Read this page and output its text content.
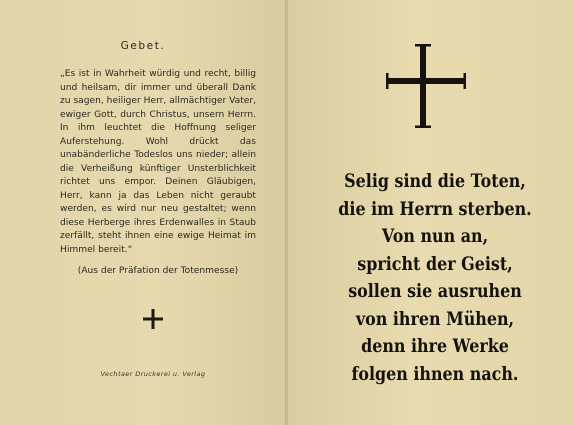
Gebet.

„Es ist in Wahrheit würdig und recht, billig und heilsam, dir immer und überall Dank zu sagen, heiliger Herr, allmächtiger Vater, ewiger Gott, durch Christus, unsern Herrn. In ihm leuchtet die Hoffnung seliger Auferstehung. Wohl drückt das unabänderliche Todeslos uns nieder; allein die Verheißung künftiger Unsterblichkeit richtet uns empor. Deinen Gläubigen, Herr, kann ja das Leben nicht geraubt werden, es wird nur neu gestaltet; wenn diese Herberge ihres Erdenwalles in Staub zerfällt, steht ihnen eine ewige Heimat im Himmel bereit.“

(Aus der Präfation der Totenmesse)
Vechtaer Druckerei u. Verlag
Selig sind die Toten,
die im Herrn sterben.
Von nun an,
spricht der Geist,
sollen sie ausruhen
von ihren Mühen,
denn ihre Werke
folgen ihnen nach.
